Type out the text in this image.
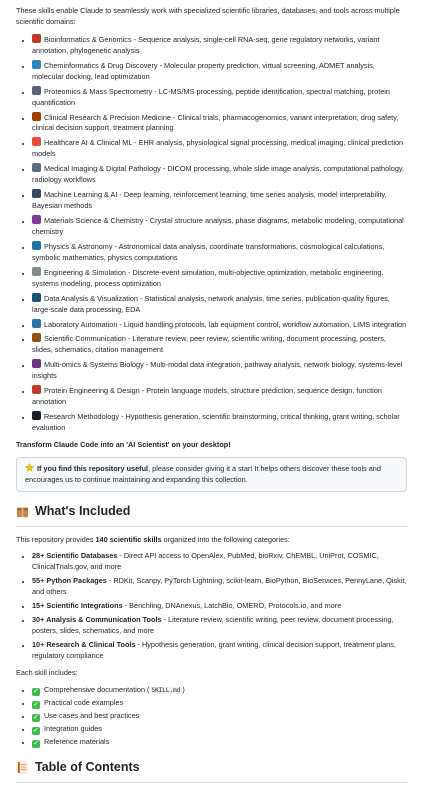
These skills enable Claude to seamlessly work with specialized scientific libraries, databases, and tools across multiple scientific domains:

• Bioinformatics & Genomics - Sequence analysis, single-cell RNA-seq, gene regulatory networks, variant annotation, phylogenetic analysis
• Cheminformatics & Drug Discovery - Molecular property prediction, virtual screening, ADMET analysis, molecular docking, lead optimization
• Proteomics & Mass Spectrometry - LC-MS/MS processing, peptide identification, spectral matching, protein quantification
• Clinical Research & Precision Medicine - Clinical trials, pharmacogenomics, variant interpretation, drug safety, clinical decision support, treatment planning
• Healthcare AI & Clinical ML - EHR analysis, physiological signal processing, medical imaging, clinical prediction models
• Medical Imaging & Digital Pathology - DICOM processing, whole slide image analysis, computational pathology, radiology workflows
• Machine Learning & AI - Deep learning, reinforcement learning, time series analysis, model interpretability, Bayesian methods
• Materials Science & Chemistry - Crystal structure analysis, phase diagrams, metabolic modeling, computational chemistry
• Physics & Astronomy - Astronomical data analysis, coordinate transformations, cosmological calculations, symbolic mathematics, physics computations
• Engineering & Simulation - Discrete-event simulation, multi-objective optimization, metabolic engineering, systems modeling, process optimization
• Data Analysis & Visualization - Statistical analysis, network analysis, time series, publication-quality figures, large-scale data processing, EDA
• Laboratory Automation - Liquid handling protocols, lab equipment control, workflow automation, LIMS integration
• Scientific Communication - Literature review, peer review, scientific writing, document processing, posters, slides, schematics, citation management
• Multi-omics & Systems Biology - Multi-modal data integration, pathway analysis, network biology, systems-level insights
• Protein Engineering & Design - Protein language models, structure prediction, sequence design, function annotation
• Research Methodology - Hypothesis generation, scientific brainstorming, critical thinking, grant writing, scholar evaluation

Transform Claude Code into an 'AI Scientist' on your desktop!

If you find this repository useful, please consider giving it a star! It helps others discover these tools and encourages us to continue maintaining and expanding this collection.
What's Included

This repository provides 140 scientific skills organized into the following categories:

• 28+ Scientific Databases - Direct API access to OpenAlex, PubMed, bioRxiv, ChEMBL, UniProt, COSMIC, ClinicalTrials.gov, and more
• 55+ Python Packages - RDKit, Scanpy, PyTorch Lightning, scikit-learn, BioPython, BioServices, PennyLane, Qiskit, and others
• 15+ Scientific Integrations - Benchling, DNAnexus, LatchBio, OMERO, Protocols.io, and more
• 30+ Analysis & Communication Tools - Literature review, scientific writing, peer review, document processing, posters, slides, schematics, and more
• 10+ Research & Clinical Tools - Hypothesis generation, grant writing, clinical decision support, treatment plans, regulatory compliance

Each skill includes:

• ✓ Comprehensive documentation ( SKILL.md )
• ✓ Practical code examples
• ✓ Use cases and best practices
• ✓ Integration guides
• ✓ Reference materials
Table of Contents
